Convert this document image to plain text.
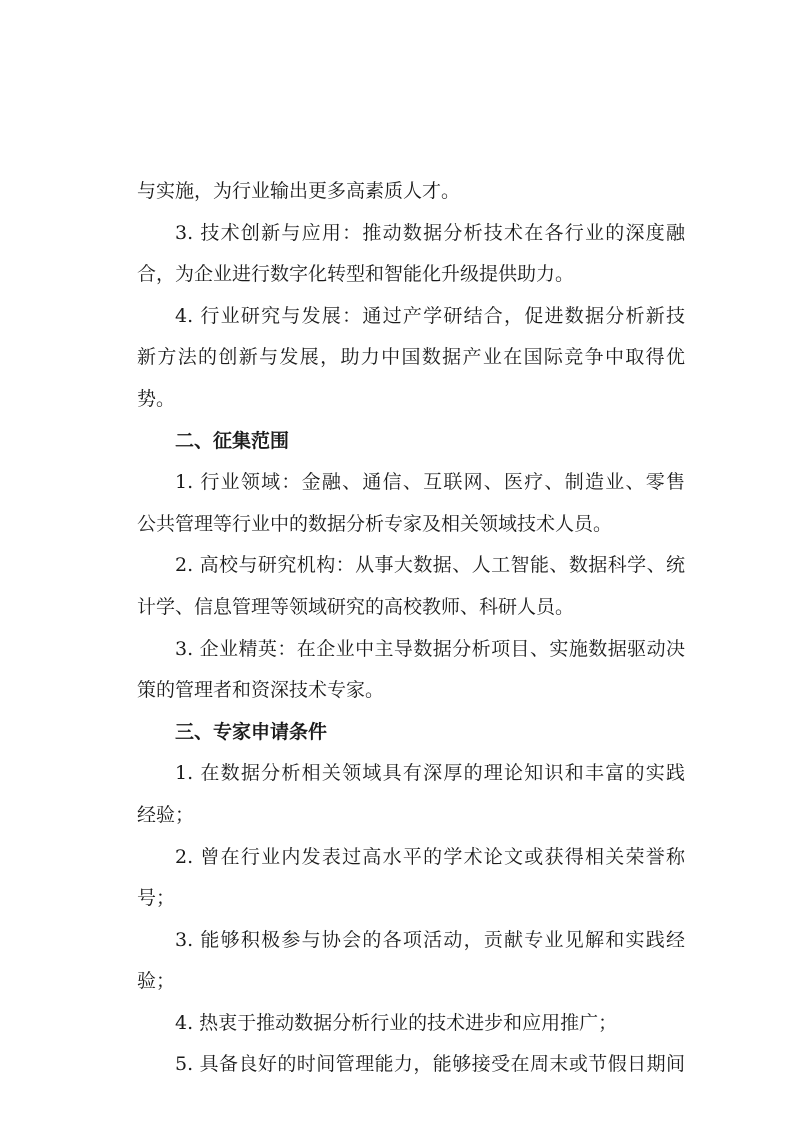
与实施，为行业输出更多高素质人才。
3. 技术创新与应用：推动数据分析技术在各行业的深度融
合，为企业进行数字化转型和智能化升级提供助力。
4. 行业研究与发展：通过产学研结合，促进数据分析新技
新方法的创新与发展，助力中国数据产业在国际竞争中取得优
势。
二、征集范围
1. 行业领域：金融、通信、互联网、医疗、制造业、零售
公共管理等行业中的数据分析专家及相关领域技术人员。
2. 高校与研究机构：从事大数据、人工智能、数据科学、统
计学、信息管理等领域研究的高校教师、科研人员。
3. 企业精英：在企业中主导数据分析项目、实施数据驱动决
策的管理者和资深技术专家。
三、专家申请条件
1. 在数据分析相关领域具有深厚的理论知识和丰富的实践
经验；
2. 曾在行业内发表过高水平的学术论文或获得相关荣誉称
号；
3. 能够积极参与协会的各项活动，贡献专业见解和实践经
验；
4. 热衷于推动数据分析行业的技术进步和应用推广；
5. 具备良好的时间管理能力，能够接受在周末或节假日期间
